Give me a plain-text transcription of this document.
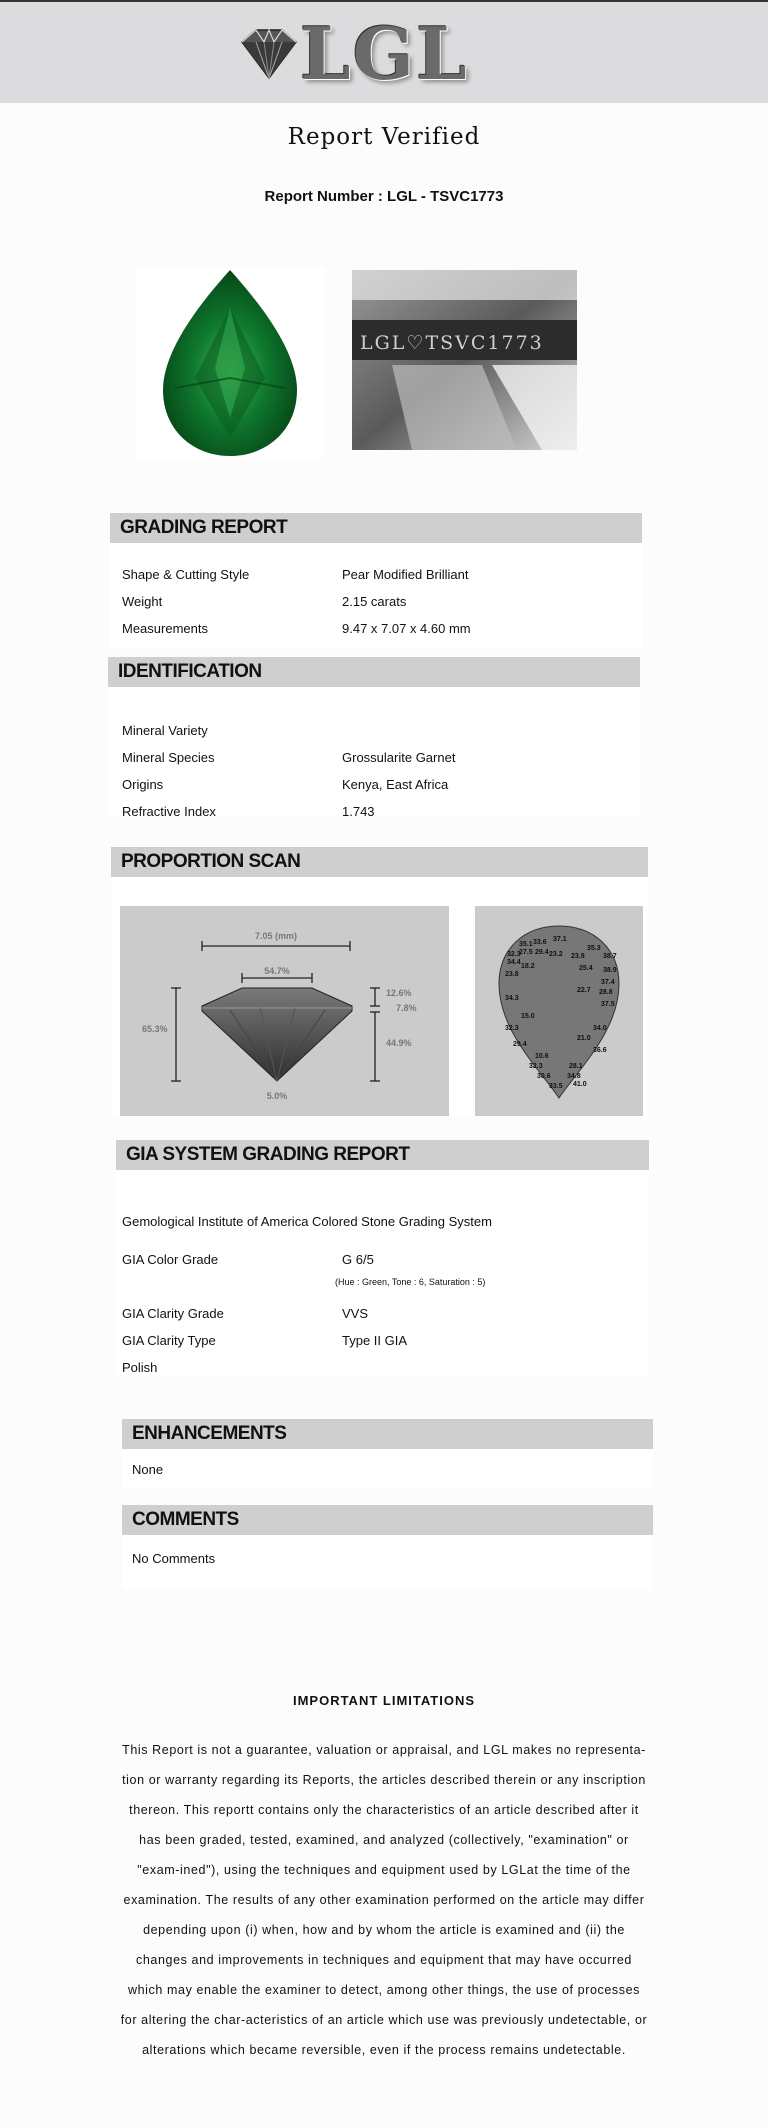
LGL
Report Verified
Report Number : LGL - TSVC1773
LGL♡TSVC1773
GRADING REPORT
Shape & Cutting Style	Pear Modified Brilliant
Weight	2.15 carats
Measurements	9.47 x 7.07 x 4.60 mm
IDENTIFICATION
Mineral Variety
Mineral Species	Grossularite Garnet
Origins	Kenya, East Africa
Refractive Index	1.743
PROPORTION SCAN
7.05 (mm)
54.7%
12.6%
7.8%
65.3%
44.9%
5.0%
35.1 33.6 37.1
29.4
32.3
27.5 23.2 23.9
35.3
38.7
34.4
18.2	25.4 38.9
23.8
37.4
22.7 28.8
34.3
37.5
15.0
32.3	34.0
21.0
29.4
36.6
10.6
32.3	28.1
30.6 34.8
33.5 41.0
GIA SYSTEM GRADING REPORT
Gemological Institute of America Colored Stone Grading System
GIA Color Grade	G 6/5
(Hue : Green, Tone : 6, Saturation : 5)
GIA Clarity Grade	VVS
GIA Clarity Type	Type II GIA
Polish
ENHANCEMENTS
None
COMMENTS
No Comments
IMPORTANT LIMITATIONS
This Report is not a guarantee, valuation or appraisal, and LGL makes no representa-tion or warranty regarding its Reports, the articles described therein or any inscription thereon. This reportt contains only the characteristics of an article described after it has been graded, tested, examined, and analyzed (collectively, "examination" or "exam-ined"), using the techniques and equipment used by LGLat the time of the examination. The results of any other examination performed on the article may differ depending upon (i) when, how and by whom the article is examined and (ii) the changes and improvements in techniques and equipment that may have occurred which may enable the examiner to detect, among other things, the use of processes for altering the char-acteristics of an article which use was previously undetectable, or alterations which became reversible, even if the process remains undetectable.
